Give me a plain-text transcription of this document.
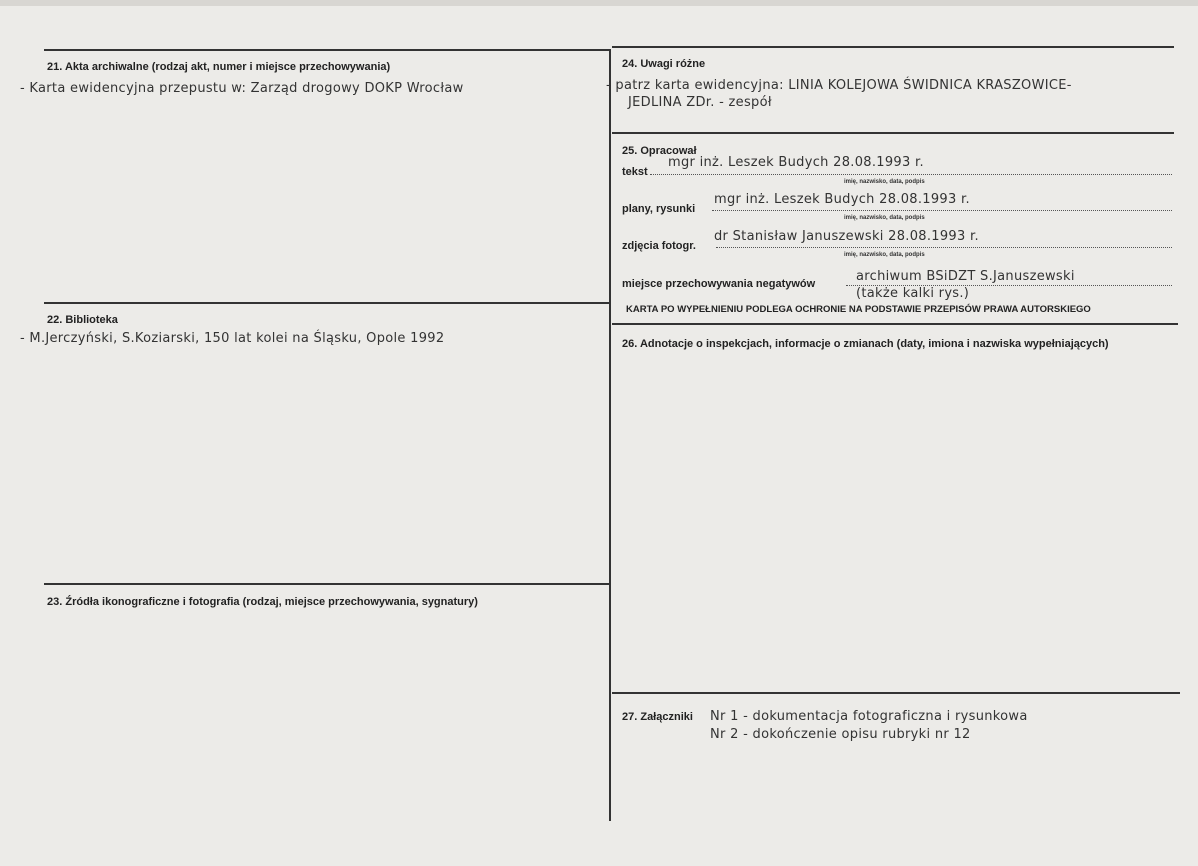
21. Akta archiwalne (rodzaj akt, numer i miejsce przechowywania)
- Karta ewidencyjna przepustu w: Zarząd drogowy DOKP Wrocław
22. Biblioteka
- M.Jerczyński, S.Koziarski, 150 lat kolei na Śląsku, Opole 1992
23. Źródła ikonograficzne i fotografia (rodzaj, miejsce przechowywania, sygnatury)
24. Uwagi różne
- patrz karta ewidencyjna: LINIA KOLEJOWA ŚWIDNICA KRASZOWICE-
JEDLINA ZDr. - zespół
25. Opracował
tekst
mgr inż. Leszek Budych 28.08.1993 r.
imię, nazwisko, data, podpis
plany, rysunki
mgr inż. Leszek Budych 28.08.1993 r.
imię, nazwisko, data, podpis
zdjęcia fotogr.
dr Stanisław Januszewski 28.08.1993 r.
imię, nazwisko, data, podpis
miejsce przechowywania negatywów	archiwum BSiDZT S.Januszewski
(także kalki rys.)
KARTA PO WYPEŁNIENIU PODLEGA OCHRONIE NA PODSTAWIE PRZEPISÓW PRAWA AUTORSKIEGO
26. Adnotacje o inspekcjach, informacje o zmianach (daty, imiona i nazwiska wypełniających)
27. Załączniki Nr 1 - dokumentacja fotograficzna i rysunkowa
Nr 2 - dokończenie opisu rubryki nr 12
